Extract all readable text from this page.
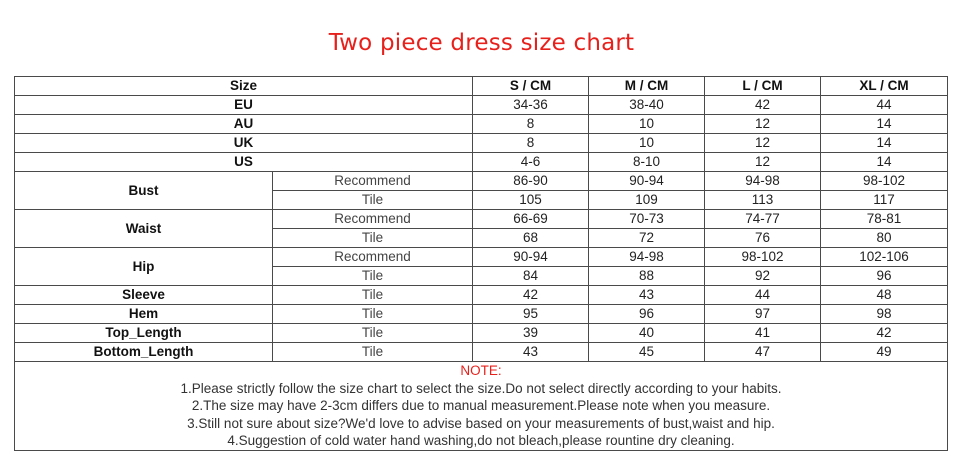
Two piece dress size chart
Size		S / CM	M / CM	L / CM	XL / CM
EU		34-36	38-40	42	44
AU		8	10	12	14
UK		8	10	12	14
US		4-6	8-10	12	14
Bust	Recommend	86-90	90-94	94-98	98-102
	Tile	105	109	113	117
Waist	Recommend	66-69	70-73	74-77	78-81
	Tile	68	72	76	80
Hip	Recommend	90-94	94-98	98-102	102-106
	Tile	84	88	92	96
Sleeve	Tile	42	43	44	48
Hem	Tile	95	96	97	98
Top_Length	Tile	39	40	41	42
Bottom_Length	Tile	43	45	47	49

NOTE:
1.Please strictly follow the size chart to select the size.Do not select directly according to your habits.
2.The size may have 2-3cm differs due to manual measurement.Please note when you measure.
3.Still not sure about size?We'd love to advise based on your measurements of bust,waist and hip.
4.Suggestion of cold water hand washing,do not bleach,please rountine dry cleaning.					
